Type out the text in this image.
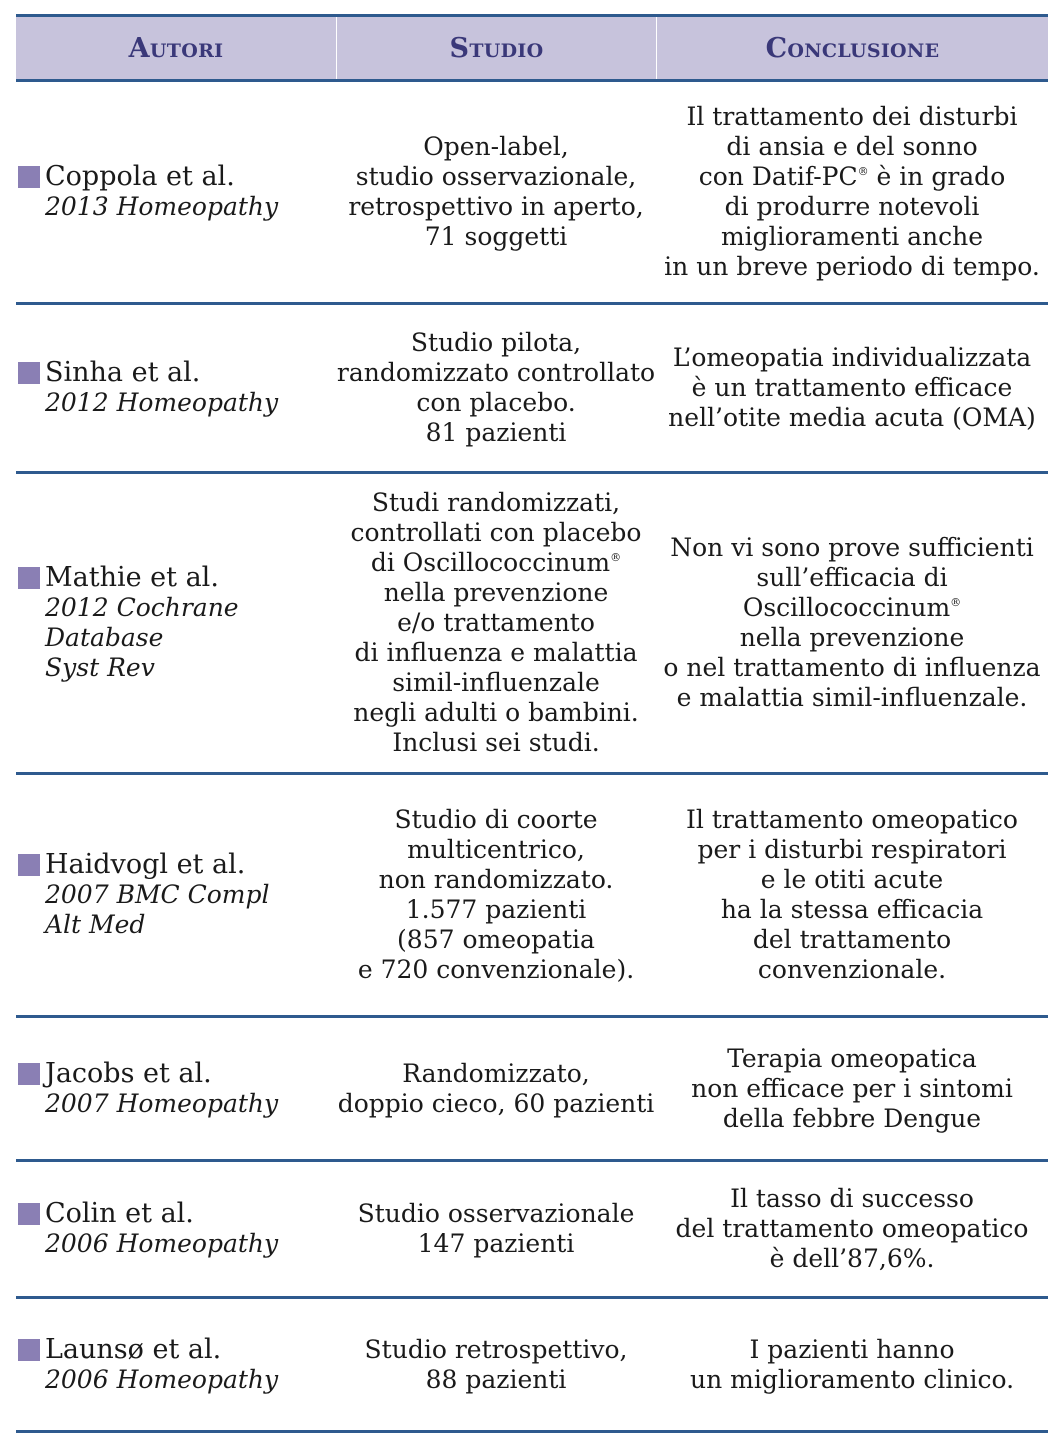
Autori	Studio	Conclusione
Coppola et al.
2013 Homeopathy
Open-label,
studio osservazionale,
retrospettivo in aperto,
71 soggetti
Il trattamento dei disturbi
di ansia e del sonno
con Datif-PC® è in grado
di produrre notevoli
miglioramenti anche
in un breve periodo di tempo.
Sinha et al.
2012 Homeopathy
Studio pilota,
randomizzato controllato
con placebo.
81 pazienti
L’omeopatia individualizzata
è un trattamento efficace
nell’otite media acuta (OMA)
Mathie et al.
2012 Cochrane Database
Syst Rev
Studi randomizzati,
controllati con placebo
di Oscillococcinum®
nella prevenzione
e/o trattamento
di influenza e malattia
simil-influenzale
negli adulti o bambini.
Inclusi sei studi.
Non vi sono prove sufficienti
sull’efficacia di Oscillococcinum®
nella prevenzione
o nel trattamento di influenza
e malattia simil-influenzale.
Haidvogl et al.
2007 BMC Compl
Alt Med
Studio di coorte
multicentrico,
non randomizzato.
1.577 pazienti
(857 omeopatia
e 720 convenzionale).
Il trattamento omeopatico
per i disturbi respiratori
e le otiti acute
ha la stessa efficacia
del trattamento convenzionale.
Jacobs et al.
2007 Homeopathy
Randomizzato,
doppio cieco, 60 pazienti
Terapia omeopatica
non efficace per i sintomi
della febbre Dengue
Colin et al.
2006 Homeopathy
Studio osservazionale
147 pazienti
Il tasso di successo
del trattamento omeopatico
è dell’87,6%.
Launsø et al.
2006 Homeopathy
Studio retrospettivo,
88 pazienti
I pazienti hanno
un miglioramento clinico.
